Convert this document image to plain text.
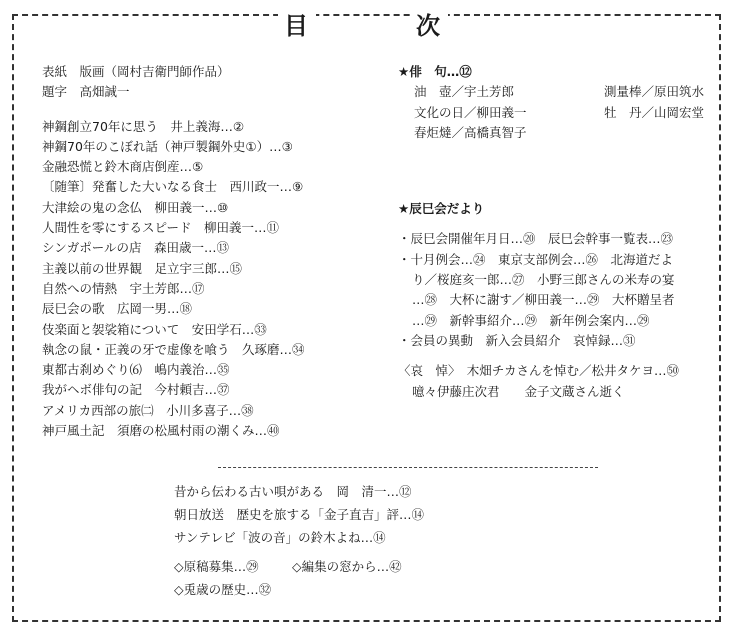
目	次
表紙　版画（岡村吉衛門師作品）
題字　高畑誠一
神鋼創立70年に思う　井上義海…②
神鋼70年のこぼれ話（神戸製鋼外史①）…③
金融恐慌と鈴木商店倒産…⑤
〔随筆〕発奮した大いなる食士　西川政一…⑨
大津絵の鬼の念仏　柳田義一…⑩
人間性を零にするスピード　柳田義一…⑪
シンガポールの店　森田歳一…⑬
主義以前の世界観　足立宇三郎…⑮
自然への情熱　宇土芳郎…⑰
辰巳会の歌　広岡一男…⑱
伎楽面と袈裟箱について　安田学石…㉝
執念の鼠・正義の牙で虚像を喰う　久琢磨…㉞
東都古刹めぐり⑹　嶋内義治…㉟
我がヘボ俳句の記　今村頼吉…㊲
アメリカ西部の旅㈡　小川多喜子…㊳
神戸風土記　須磨の松風村雨の潮くみ…㊵
★俳　句…⑫
油　壺／宇土芳郎	測量棒／原田筑水
文化の日／柳田義一	牡　丹／山岡宏堂
春炬燵／高橋真智子
★辰巳会だより
・辰巳会開催年月日…⑳　辰巳会幹事一覧表…㉓
・十月例会…㉔　東京支部例会…㉖　北海道だよ
り／桜庭亥一郎…㉗　小野三郎さんの米寿の宴
…㉘　大杯に謝す／柳田義一…㉙　大杯贈呈者
…㉙　新幹事紹介…㉙　新年例会案内…㉙
・会員の異動　新入会員紹介　哀悼録…㉛
〈哀　悼〉　木畑チカさんを悼む／松井タケヨ…㊿
噫々伊藤庄次君　　金子文蔵さん逝く
昔から伝わる古い唄がある　岡　清一…⑫
朝日放送　歴史を旅する「金子直吉」評…⑭
サンテレビ「波の音」の鈴木よね…⑭
◇原稿募集…㉙	◇編集の窓から…㊷
◇兎歳の歴史…㉜
